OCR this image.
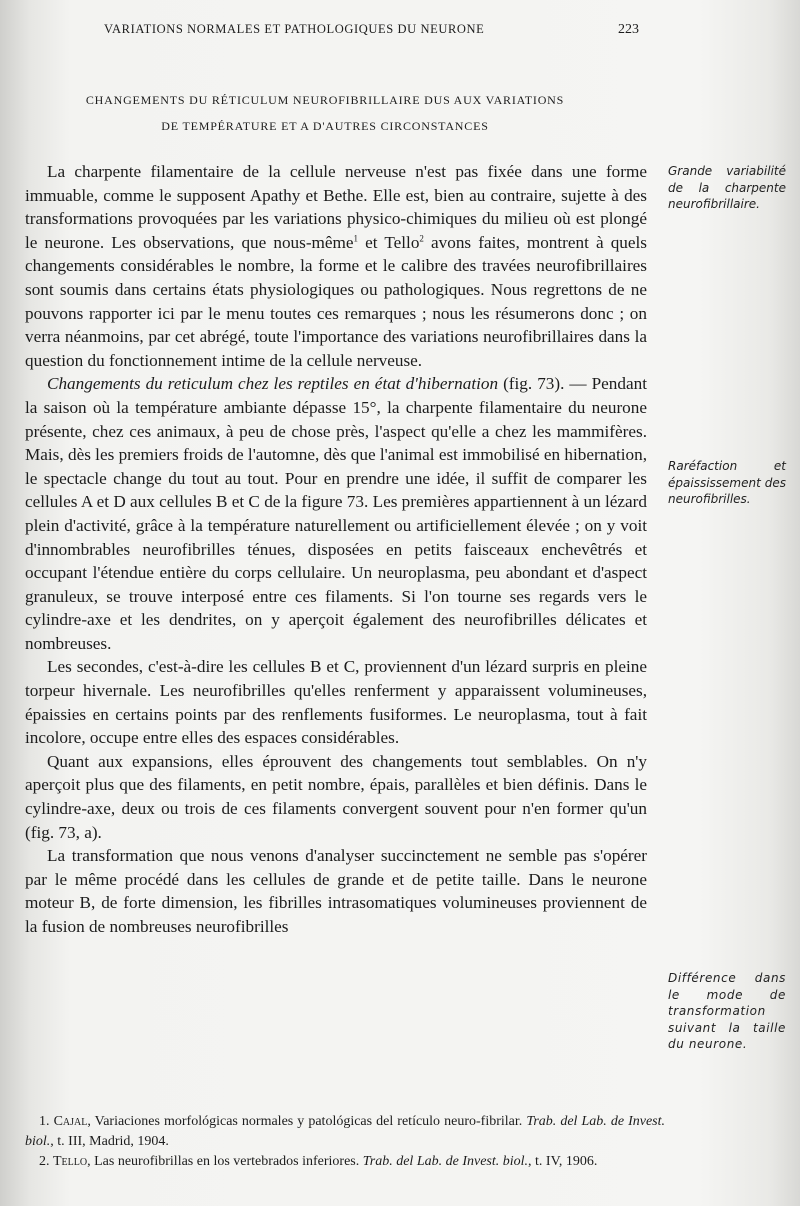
VARIATIONS NORMALES ET PATHOLOGIQUES DU NEURONE	223
CHANGEMENTS DU RÉTICULUM NEUROFIBRILLAIRE DUS AUX VARIATIONS
DE TEMPÉRATURE ET A D'AUTRES CIRCONSTANCES

La charpente filamentaire de la cellule nerveuse n'est pas fixée dans une forme immuable, comme le supposent Apathy et Bethe. Elle est, bien au contraire, sujette à des transformations provoquées par les variations physico-chimiques du milieu où est plongé le neurone. Les observations, que nous-même$^1$ et Tello$^2$ avons faites, montrent à quels changements considérables le nombre, la forme et le calibre des travées neurofibrillaires sont soumis dans certains états physiologiques ou pathologiques. Nous regrettons de ne pouvons rapporter ici par le menu toutes ces remarques ; nous les résumerons donc ; on verra néanmoins, par cet abrégé, toute l'importance des variations neurofibrillaires dans la question du fonctionnement intime de la cellule nerveuse.

Changements du reticulum chez les reptiles en état d'hibernation (fig. 73). — Pendant la saison où la température ambiante dépasse 15°, la charpente filamentaire du neurone présente, chez ces animaux, à peu de chose près, l'aspect qu'elle a chez les mammifères. Mais, dès les premiers froids de l'automne, dès que l'animal est immobilisé en hibernation, le spectacle change du tout au tout. Pour en prendre une idée, il suffit de comparer les cellules A et D aux cellules B et C de la figure 73. Les premières appartiennent à un lézard plein d'activité, grâce à la température naturellement ou artificiellement élevée ; on y voit d'innombrables neurofibrilles ténues, disposées en petits faisceaux enchevêtrés et occupant l'étendue entière du corps cellulaire. Un neuroplasma, peu abondant et d'aspect granuleux, se trouve interposé entre ces filaments. Si l'on tourne ses regards vers le cylindre-axe et les dendrites, on y aperçoit également des neurofibrilles délicates et nombreuses.

Les secondes, c'est-à-dire les cellules B et C, proviennent d'un lézard surpris en pleine torpeur hivernale. Les neurofibrilles qu'elles renferment y apparaissent volumineuses, épaissies en certains points par des renflements fusiformes. Le neuroplasma, tout à fait incolore, occupe entre elles des espaces considérables.

Quant aux expansions, elles éprouvent des changements tout semblables. On n'y aperçoit plus que des filaments, en petit nombre, épais, parallèles et bien définis. Dans le cylindre-axe, deux ou trois de ces filaments convergent souvent pour n'en former qu'un (fig. 73, a).

La transformation que nous venons d'analyser succinctement ne semble pas s'opérer par le même procédé dans les cellules de grande et de petite taille. Dans le neurone moteur B, de forte dimension, les fibrilles intrasomatiques volumineuses proviennent de la fusion de nombreuses neurofibrilles

Grande variabilité de la charpente neurofibrillaire.
Raréfaction et épaississement des neurofibrilles.
Différence dans le mode de transformation suivant la taille du neurone.

1. Cajal, Variaciones morfológicas normales y patológicas del retículo neuro-fibrilar. Trab. del Lab. de Invest. biol., t. III, Madrid, 1904.

2. Tello, Las neurofibrillas en los vertebrados inferiores. Trab. del Lab. de Invest. biol., t. IV, 1906.
